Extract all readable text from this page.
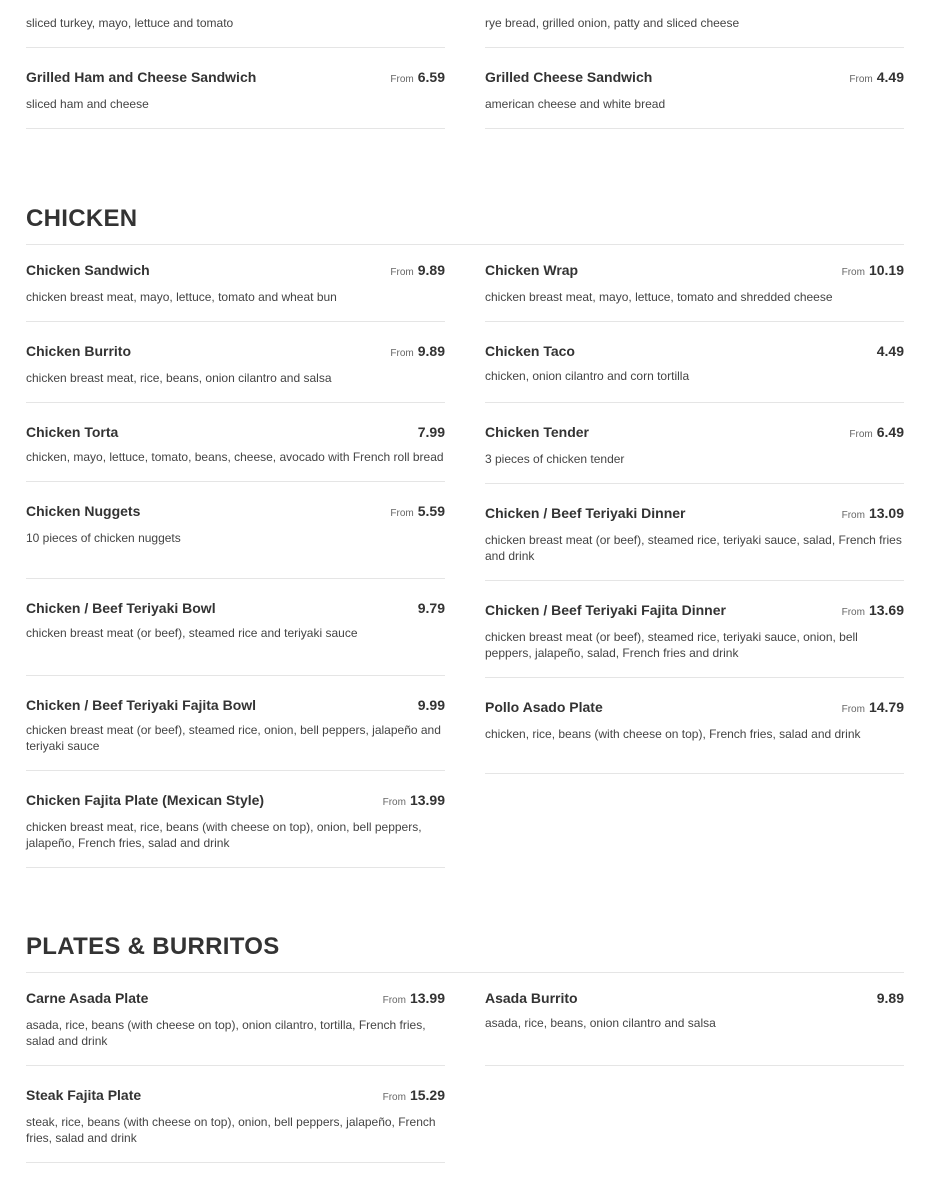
sliced turkey, mayo, lettuce and tomato
Grilled Ham and Cheese Sandwich	From 6.59
sliced ham and cheese
rye bread, grilled onion, patty and sliced cheese
Grilled Cheese Sandwich	From 4.49
american cheese and white bread
CHICKEN
Chicken Sandwich	From 9.89
chicken breast meat, mayo, lettuce, tomato and wheat bun
Chicken Burrito	From 9.89
chicken breast meat, rice, beans, onion cilantro and salsa
Chicken Torta	7.99
chicken, mayo, lettuce, tomato, beans, cheese, avocado with French roll bread
Chicken Nuggets	From 5.59
10 pieces of chicken nuggets
Chicken / Beef Teriyaki Bowl	9.79
chicken breast meat (or beef), steamed rice and teriyaki sauce
Chicken / Beef Teriyaki Fajita Bowl	9.99
chicken breast meat (or beef), steamed rice, onion, bell peppers, jalapeño and teriyaki sauce
Chicken Fajita Plate (Mexican Style)	From 13.99
chicken breast meat, rice, beans (with cheese on top), onion, bell peppers, jalapeño, French fries, salad and drink
Chicken Wrap	From 10.19
chicken breast meat, mayo, lettuce, tomato and shredded cheese
Chicken Taco	4.49
chicken, onion cilantro and corn tortilla
Chicken Tender	From 6.49
3 pieces of chicken tender
Chicken / Beef Teriyaki Dinner	From 13.09
chicken breast meat (or beef), steamed rice, teriyaki sauce, salad, French fries and drink
Chicken / Beef Teriyaki Fajita Dinner	From 13.69
chicken breast meat (or beef), steamed rice, teriyaki sauce, onion, bell peppers, jalapeño, salad, French fries and drink
Pollo Asado Plate	From 14.79
chicken, rice, beans (with cheese on top), French fries, salad and drink
PLATES & BURRITOS
Carne Asada Plate	From 13.99
asada, rice, beans (with cheese on top), onion cilantro, tortilla, French fries, salad and drink
Steak Fajita Plate	From 15.29
steak, rice, beans (with cheese on top), onion, bell peppers, jalapeño, French fries, salad and drink
Asada Burrito	9.89
asada, rice, beans, onion cilantro and salsa
